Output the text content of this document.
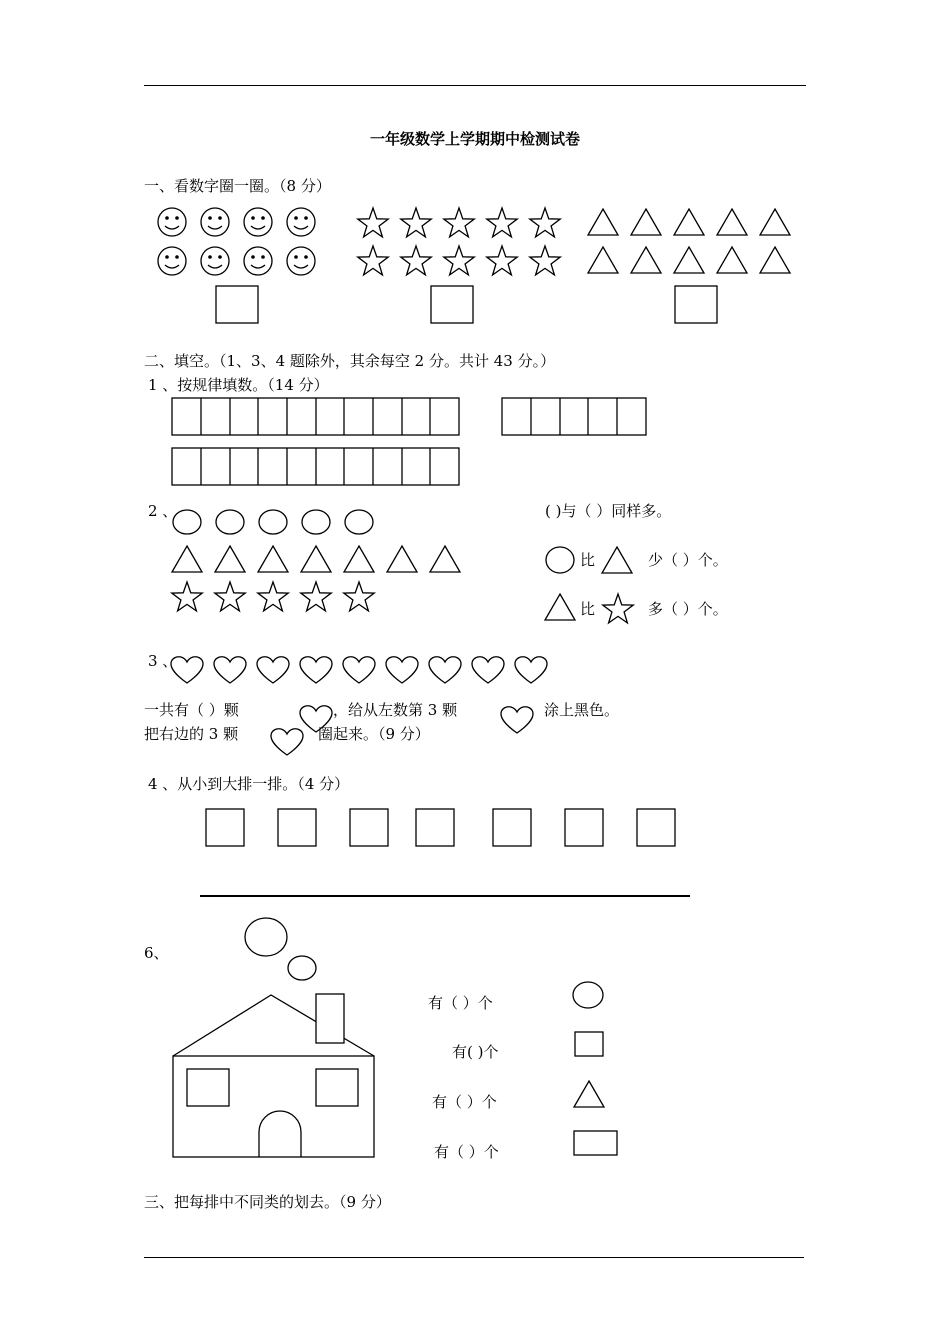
一年级数学上学期期中检测试卷
一、看数字圈一圈。（8 分）
二、填空。（1、3、4 题除外，其余每空 2 分。共计 43 分。）
1 、按规律填数。（14 分）
2 、	( )与（ ）同样多。
比	少（ ）个。
比	多（ ）个。
3 、
一共有（ ）颗	，给从左数第 3 颗	涂上黑色。
把右边的 3 颗	圈起来。（9 分）
4 、从小到大排一排。（4 分）
6、
有（ ）个
有( )个
有（ ）个
有（ ）个
三、把每排中不同类的划去。（9 分）
